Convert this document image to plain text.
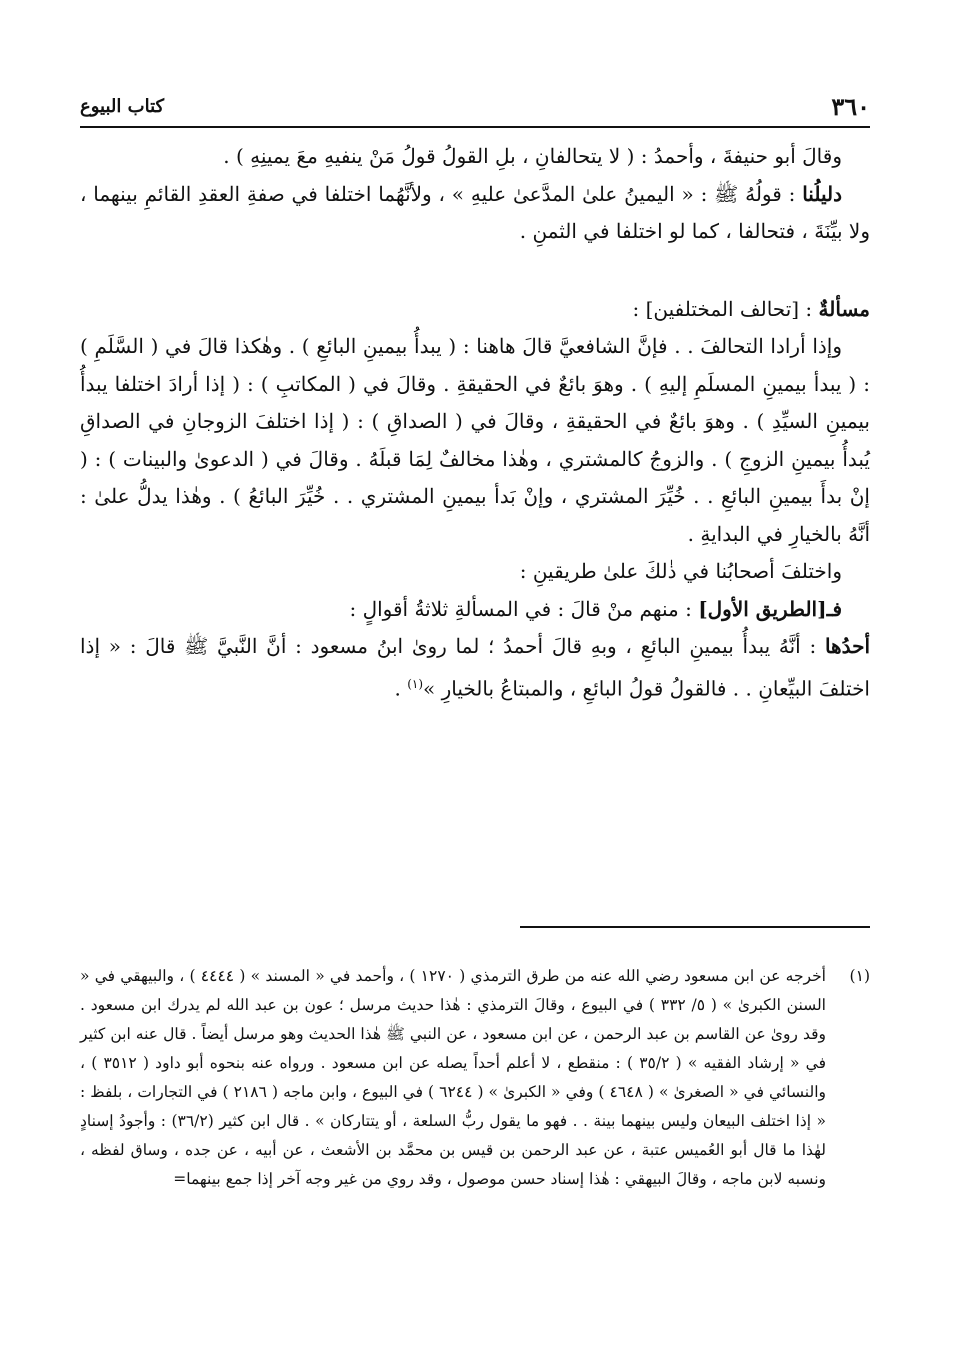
٣٦٠
كتاب البيوع

وقالَ أبو حنيفةَ ، وأحمدُ : ( لا يتحالفانِ ، بلِ القولُ قولُ مَنْ ينفيهِ معَ يمينِهِ ) .

دليلُنا : قولُهُ ﷺ : « اليمينُ علىٰ المدَّعىٰ عليهِ » ، ولأنَّهُما اختلفا في صفةِ العقدِ القائمِ بينهما ، ولا بيِّنَةَ ، فتحالفا ، كما لو اختلفا في الثمنِ .

مسألةٌ : [تحالف المختلفين] :

وإذا أرادا التحالفَ . . فإنَّ الشافعيَّ قالَ هاهنا : ( يبدأُ بيمينِ البائعِ ) . وهٰكذا قالَ في ( السَّلَمِ ) : ( يبدأ بيمينِ المسلَمِ إليهِ ) . وهوَ بائعٌ في الحقيقةِ . وقالَ في ( المكاتبِ ) : ( إذا أرادَ اختلفا يبدأُ بيمينِ السيِّدِ ) . وهوَ بائعٌ في الحقيقةِ ، وقالَ في ( الصداقِ ) : ( إذا اختلفَ الزوجانِ في الصداقِ يُبدأُ بيمينِ الزوجِ ) . والزوجُ كالمشتري ، وهٰذا مخالفٌ لِمَا قبلَهُ . وقالَ في ( الدعوىٰ والبينات ) : ( إنْ بدأَ بيمينِ البائعِ . . خُيِّرَ المشتري ، وإنْ بَدأ بيمينِ المشتري . . خُيِّرَ البائعُ ) . وهٰذا يدلُّ علىٰ : أنَّهُ بالخيارِ في البدايةِ .

واختلفَ أصحابُنا في ذٰلكَ علىٰ طريقينِ :

فـ[الطريق الأول] : منهم منْ قالَ : في المسألةِ ثلاثةُ أقوالٍ :

أحدُها : أنَّهُ يبدأُ بيمينِ البائعِ ، وبهِ قالَ أحمدُ ؛ لما روىٰ ابنُ مسعود : أنَّ النَّبيَّ ﷺ قالَ : « إذا اختلفَ البيِّعانِ . . فالقولُ قولُ البائعِ ، والمبتاعُ بالخيارِ »$^{(١)}$ .

(١)

أخرجه عن ابن مسعود رضي الله عنه من طرق الترمذي ( ١٢٧٠ ) ، وأحمد في « المسند » ( ٤٤٤٤ ) ، والبيهقي في « السنن الكبرىٰ » ( ٥/ ٣٣٢ ) في البيوع ، وقالَ الترمذي : هٰذا حديث مرسل ؛ عون بن عبد الله لم يدرك ابن مسعود . وقد روىٰ عن القاسم بن عبد الرحمن ، عن ابن مسعود ، عن النبي ﷺ هٰذا الحديث وهو مرسل أيضاً . قال عنه ابن كثير في « إرشاد الفقيه » ( ٣٥/٢ ) : منقطع ، لا أعلم أحداً يصله عن ابن مسعود . ورواه عنه بنحوه أبو داود ( ٣٥١٢ ) ، والنسائي في « الصغرىٰ » ( ٤٦٤٨ ) وفي « الكبرىٰ » ( ٦٢٤٤ ) في البيوع ، وابن ماجه ( ٢١٨٦ ) في التجارات ، بلفظ : « إذا اختلف البيعان وليس بينهما بينة . . فهو ما يقول ربُّ السلعة ، أو يتتاركان » . قال ابن كثير (٣٦/٢) : وأجودُ إسنادٍ لهٰذا ما قال أبو العُميس عتبة ، عن عبد الرحمن بن قيس بن محمَّد بن الأشعث ، عن أبيه ، عن جده ، وساق لفظه ، ونسبه لابن ماجه ، وقالَ البيهقي : هٰذا إسناد حسن موصول ، وقد روي من غير وجه آخر إذا جمع بينهما=
